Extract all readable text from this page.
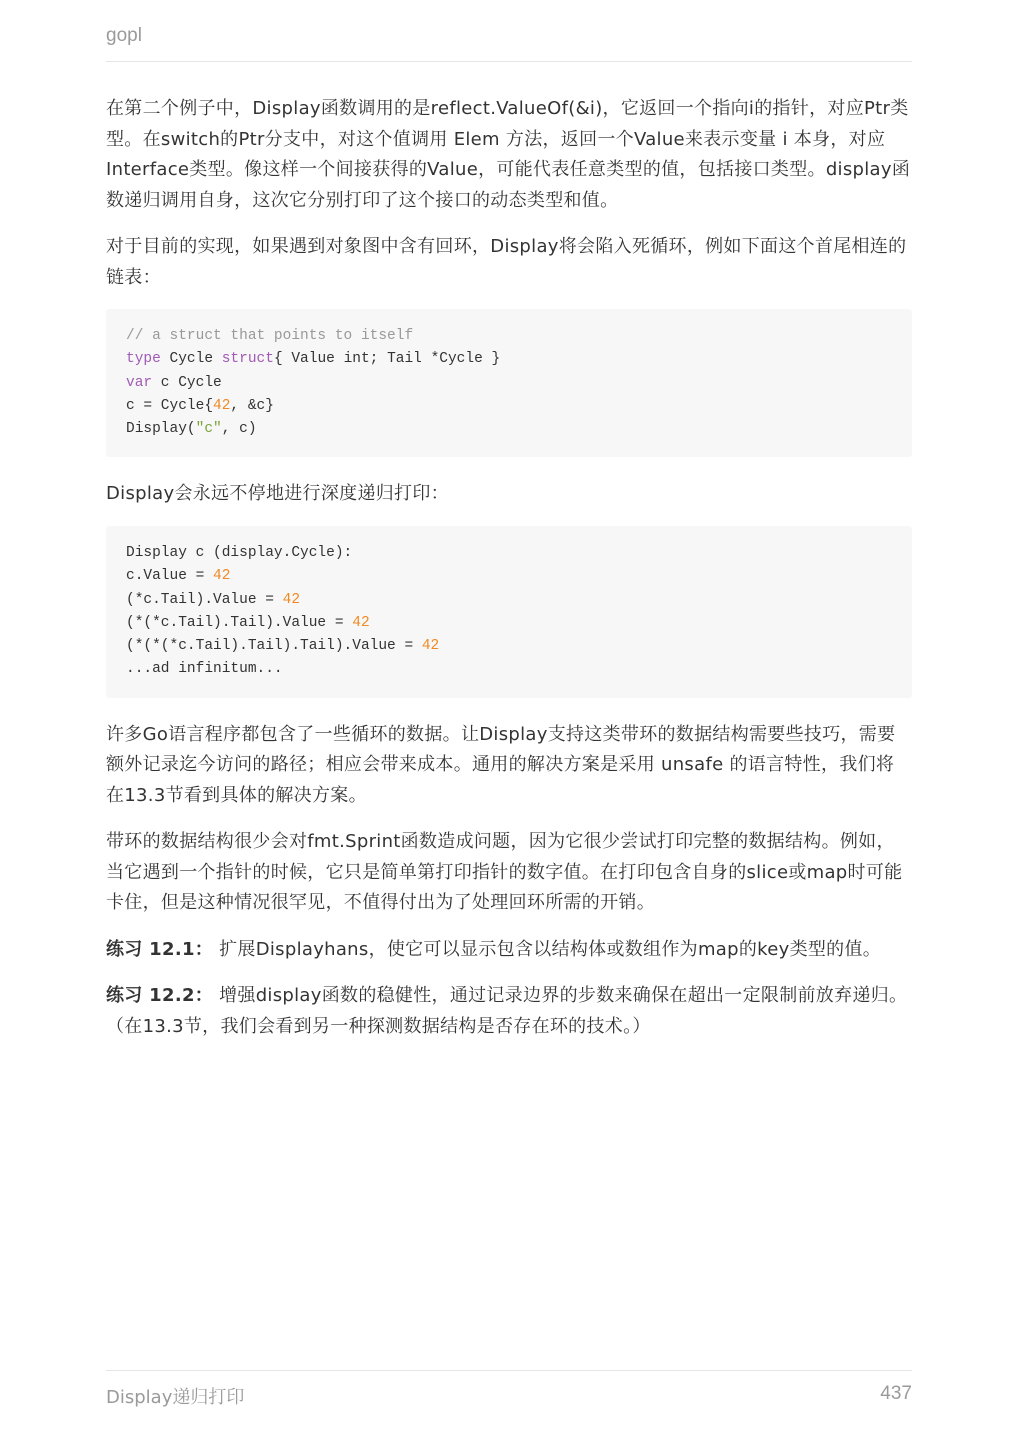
gopl

在第二个例子中，Display函数调用的是reflect.ValueOf(&i)，它返回一个指向i的指针，对应Ptr类型。在switch的Ptr分支中，对这个值调用 Elem 方法，返回一个Value来表示变量 i 本身，对应Interface类型。像这样一个间接获得的Value，可能代表任意类型的值，包括接口类型。display函数递归调用自身，这次它分别打印了这个接口的动态类型和值。

对于目前的实现，如果遇到对象图中含有回环，Display将会陷入死循环，例如下面这个首尾相连的链表：

// a struct that points to itself
type Cycle struct{ Value int; Tail *Cycle }
var c Cycle
c = Cycle{42, &c}
Display("c", c)

Display会永远不停地进行深度递归打印：

Display c (display.Cycle):
c.Value = 42
(*c.Tail).Value = 42
(*(*c.Tail).Tail).Value = 42
(*(*(*c.Tail).Tail).Tail).Value = 42
...ad infinitum...

许多Go语言程序都包含了一些循环的数据。让Display支持这类带环的数据结构需要些技巧，需要额外记录迄今访问的路径；相应会带来成本。通用的解决方案是采用 unsafe 的语言特性，我们将在13.3节看到具体的解决方案。

带环的数据结构很少会对fmt.Sprint函数造成问题，因为它很少尝试打印完整的数据结构。例如，当它遇到一个指针的时候，它只是简单第打印指针的数字值。在打印包含自身的slice或map时可能卡住，但是这种情况很罕见，不值得付出为了处理回环所需的开销。

练习 12.1： 扩展Displayhans，使它可以显示包含以结构体或数组作为map的key类型的值。

练习 12.2： 增强display函数的稳健性，通过记录边界的步数来确保在超出一定限制前放弃递归。（在13.3节，我们会看到另一种探测数据结构是否存在环的技术。）

Display递归打印	437
